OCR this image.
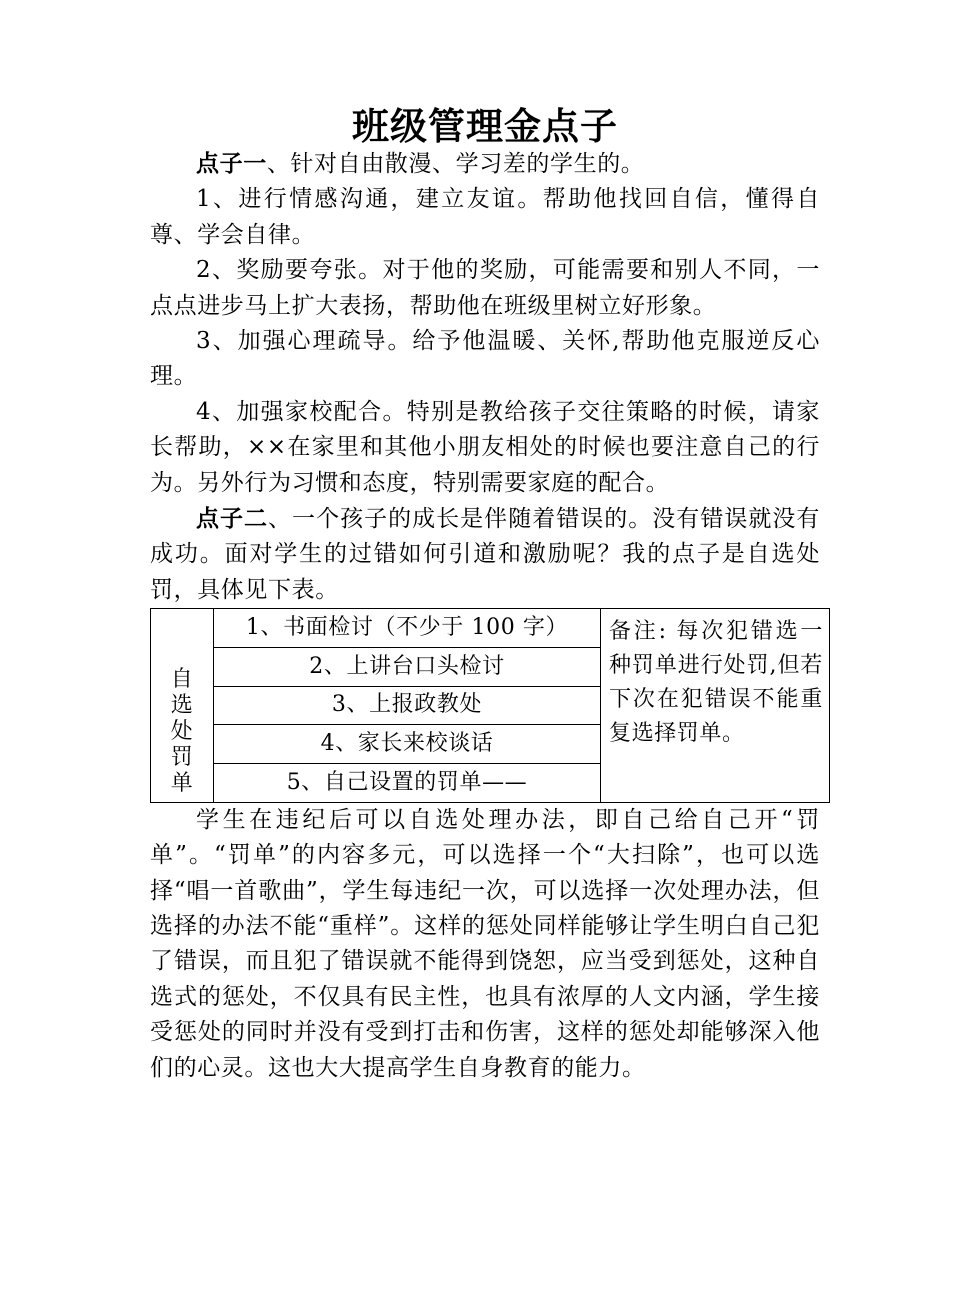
班级管理金点子

点子一、针对自由散漫、学习差的学生的。

1、进行情感沟通，建立友谊。帮助他找回自信，懂得自尊、学会自律。

2、奖励要夸张。对于他的奖励，可能需要和别人不同，一点点进步马上扩大表扬，帮助他在班级里树立好形象。

3、加强心理疏导。给予他温暖、关怀,帮助他克服逆反心理。

4、加强家校配合。特别是教给孩子交往策略的时候，请家长帮助，××在家里和其他小朋友相处的时候也要注意自己的行为。另外行为习惯和态度，特别需要家庭的配合。

点子二、一个孩子的成长是伴随着错误的。没有错误就没有成功。面对学生的过错如何引道和激励呢？我的点子是自选处罚，具体见下表。

自选处罚单	1、书面检讨（不少于 100 字）	备注: 每次犯错选一种罚单进行处罚,但若下次在犯错误不能重复选择罚单。
2、上讲台口头检讨
3、上报政教处
4、家长来校谈话
5、自己设置的罚单——

学生在违纪后可以自选处理办法，即自己给自己开“罚单”。“罚单”的内容多元，可以选择一个“大扫除”，也可以选择“唱一首歌曲”，学生每违纪一次，可以选择一次处理办法，但选择的办法不能“重样”。这样的惩处同样能够让学生明白自己犯了错误，而且犯了错误就不能得到饶恕，应当受到惩处，这种自选式的惩处，不仅具有民主性，也具有浓厚的人文内涵，学生接受惩处的同时并没有受到打击和伤害，这样的惩处却能够深入他们的心灵。这也大大提高学生自身教育的能力。
